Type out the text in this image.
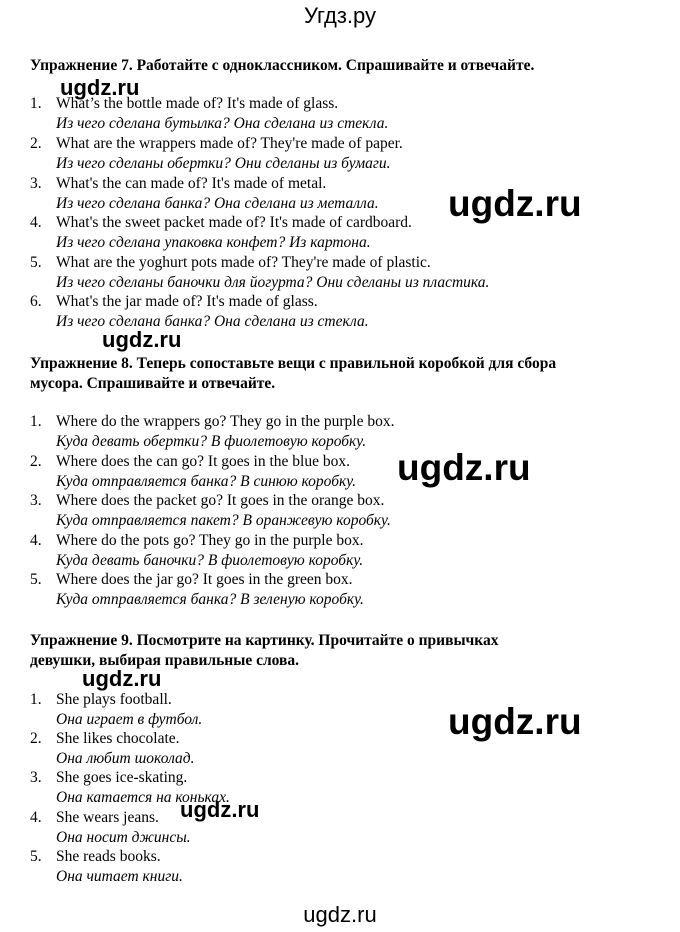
Угдз.ру
Упражнение 7. Работайте с одноклассником. Спрашивайте и отвечайте.
1. What’s the bottle made of? It's made of glass.
Из чего сделана бутылка? Она сделана из стекла.
2. What are the wrappers made of? They're made of paper.
Из чего сделаны обертки? Они сделаны из бумаги.
3. What's the can made of? It's made of metal.
Из чего сделана банка? Она сделана из металла.
4. What's the sweet packet made of? It's made of cardboard.
Из чего сделана упаковка конфет? Из картона.
5. What are the yoghurt pots made of? They're made of plastic.
Из чего сделаны баночки для йогурта? Они сделаны из пластика.
6. What's the jar made of? It's made of glass.
Из чего сделана банка? Она сделана из стекла.
Упражнение 8. Теперь сопоставьте вещи с правильной коробкой для сбора
мусора. Спрашивайте и отвечайте.
1. Where do the wrappers go? They go in the purple box.
Куда девать обертки? В фиолетовую коробку.
2. Where does the can go? It goes in the blue box.
Куда отправляется банка? В синюю коробку.
3. Where does the packet go? It goes in the orange box.
Куда отправляется пакет? В оранжевую коробку.
4. Where do the pots go? They go in the purple box.
Куда девать баночки? В фиолетовую коробку.
5. Where does the jar go? It goes in the green box.
Куда отправляется банка? В зеленую коробку.
Упражнение 9. Посмотрите на картинку. Прочитайте о привычках
девушки, выбирая правильные слова.
1. She plays football.
Она играет в футбол.
2. She likes chocolate.
Она любит шоколад.
3. She goes ice-skating.
Она катается на коньках.
4. She wears jeans.
Она носит джинсы.
5. She reads books.
Она читает книги.
ugdz.ru
ugdz.ru
ugdz.ru
ugdz.ru
ugdz.ru
ugdz.ru
ugdz.ru
ugdz.ru
